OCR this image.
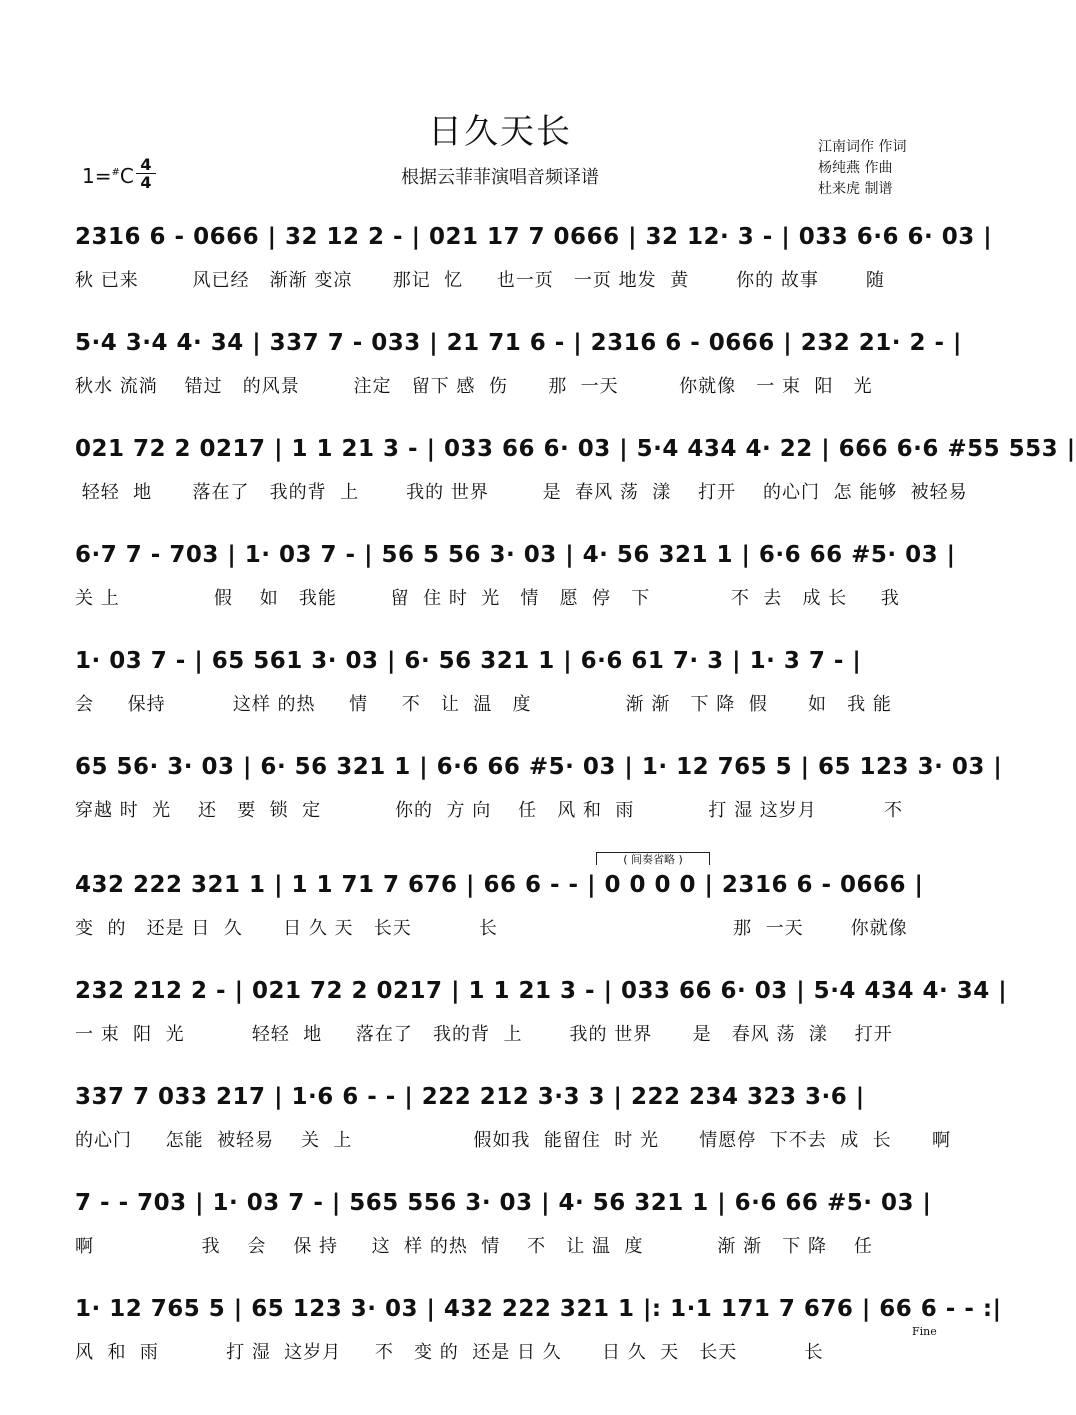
日久天长
根据云菲菲演唱音频译谱
江南词作 作词
杨纯燕 作曲
杜来虎 制谱
$1=^{\#}C \frac{4}{4}$
2316 6 - 0666 | 32 12 2 - | 021 17 7 0666 | 32 12· 3 - | 033 6·6 6· 03 |
秋 已来        风已经   渐渐 变凉      那记  忆     也一页   一页 地发  黄       你的 故事       随
5·4 3·4 4· 34 | 337 7 - 033 | 21 71 6 - | 2316 6 - 0666 | 232 21· 2 - |
秋水 流淌    错过   的风景        注定   留下 感  伤      那  一天         你就像   一 束  阳   光
021 72 2 0217 | 1 1 21 3 - | 033 66 6· 03 | 5·4 434 4· 22 | 666 6·6 #55 553 |
轻轻  地      落在了   我的背  上       我的 世界        是  春风 荡  漾    打开    的心门  怎 能够  被轻易
6·7 7 - 703 | 1· 03 7 - | 56 5 56 3· 03 | 4· 56 321 1 | 6·6 66 #5· 03 |
关 上              假    如   我能        留  住 时  光   情   愿  停   下            不  去   成 长     我
1· 03 7 - | 65 561 3· 03 | 6· 56 321 1 | 6·6 61 7· 3 | 1· 3 7 - |
会     保持          这样 的热     情     不   让  温   度              渐 渐   下 降  假      如   我 能
65 56· 3· 03 | 6· 56 321 1 | 6·6 66 #5· 03 | 1· 12 765 5 | 65 123 3· 03 |
穿越 时  光    还   要  锁  定           你的  方 向    任   风 和  雨           打 湿 这岁月          不
( 间奏省略 )
432 222 321 1 | 1 1 71 7 676 | 66 6 - - | 0 0 0 0 | 2316 6 - 0666 |
变  的   还是 日  久      日 久 天   长天          长                                   那  一天       你就像
232 212 2 - | 021 72 2 0217 | 1 1 21 3 - | 033 66 6· 03 | 5·4 434 4· 34 |
一 束  阳  光          轻轻  地     落在了   我的背  上       我的 世界      是   春风 荡  漾    打开
337 7 033 217 | 1·6 6 - - | 222 212 3·3 3 | 222 234 323 3·6 |
的心门     怎能  被轻易    关  上                  假如我  能留住  时 光      情愿停  下不去  成  长      啊
7 - - 703 | 1· 03 7 - | 565 556 3· 03 | 4· 56 321 1 | 6·6 66 #5· 03 |
啊                我    会    保 持     这  样 的热  情    不   让 温  度           渐 渐   下 降    任
1· 12 765 5 | 65 123 3· 03 | 432 222 321 1 |: 1·1 171 7 676 | 66 6 - - :|
风  和  雨          打 湿  这岁月     不   变 的  还是 日 久      日 久  天   长天          长
Fine
